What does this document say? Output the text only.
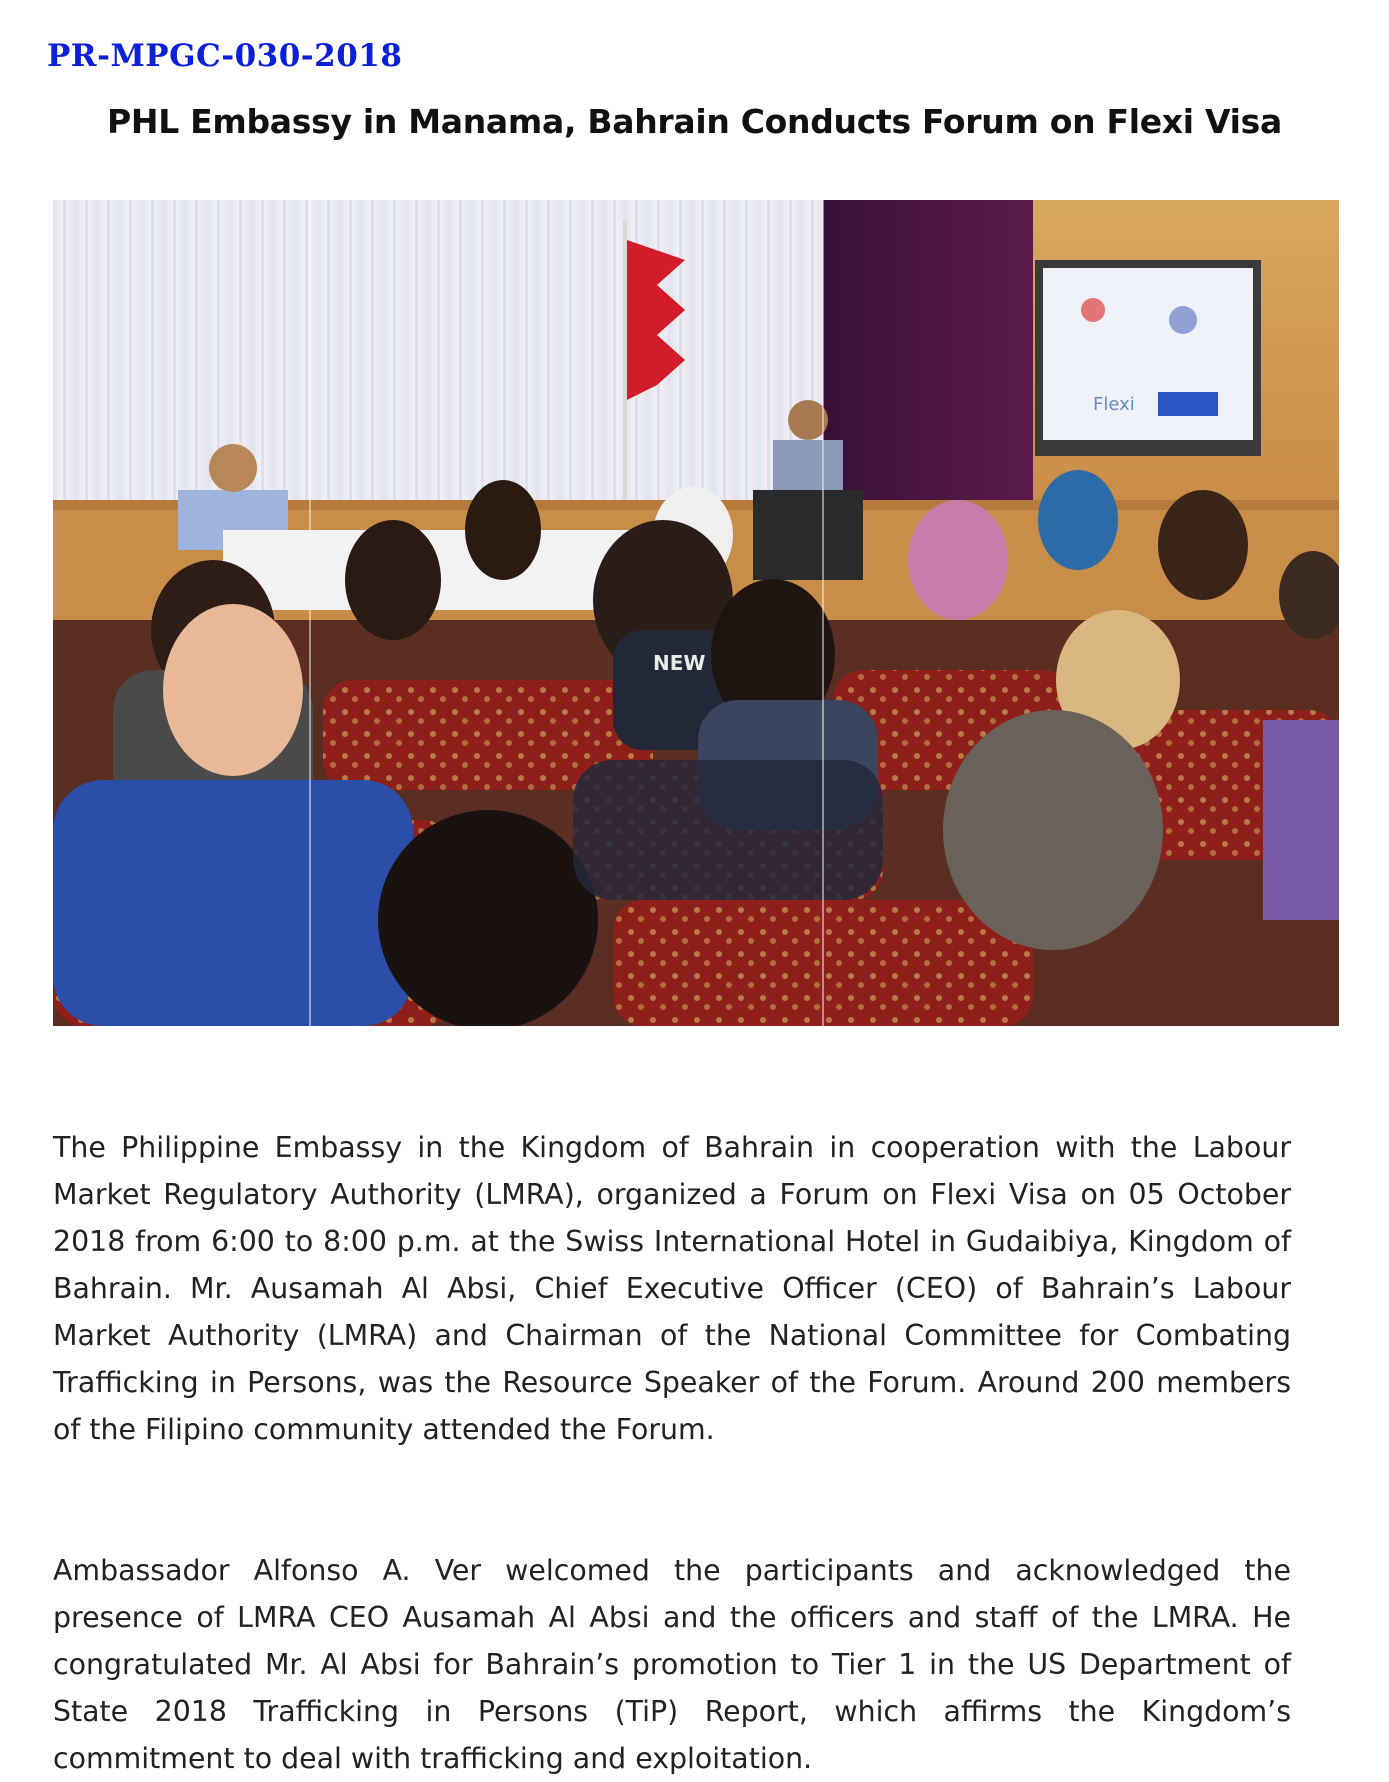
PR-MPGC-030-2018
PHL Embassy in Manama, Bahrain Conducts Forum on Flexi Visa
Flexi
NEW

The Philippine Embassy in the Kingdom of Bahrain in cooperation with the Labour Market Regulatory Authority (LMRA), organized a Forum on Flexi Visa on 05 October 2018 from 6:00 to 8:00 p.m. at the Swiss International Hotel in Gudaibiya, Kingdom of Bahrain. Mr. Ausamah Al Absi, Chief Executive Officer (CEO) of Bahrain’s Labour Market Authority (LMRA) and Chairman of the National Committee for Combating Trafficking in Persons, was the Resource Speaker of the Forum. Around 200 members of the Filipino community attended the Forum.

Ambassador Alfonso A. Ver welcomed the participants and acknowledged the presence of LMRA CEO Ausamah Al Absi and the officers and staff of the LMRA. He congratulated Mr. Al Absi for Bahrain’s promotion to Tier 1 in the US Department of State 2018 Trafficking in Persons (TiP) Report, which affirms the Kingdom’s commitment to deal with trafficking and exploitation.
